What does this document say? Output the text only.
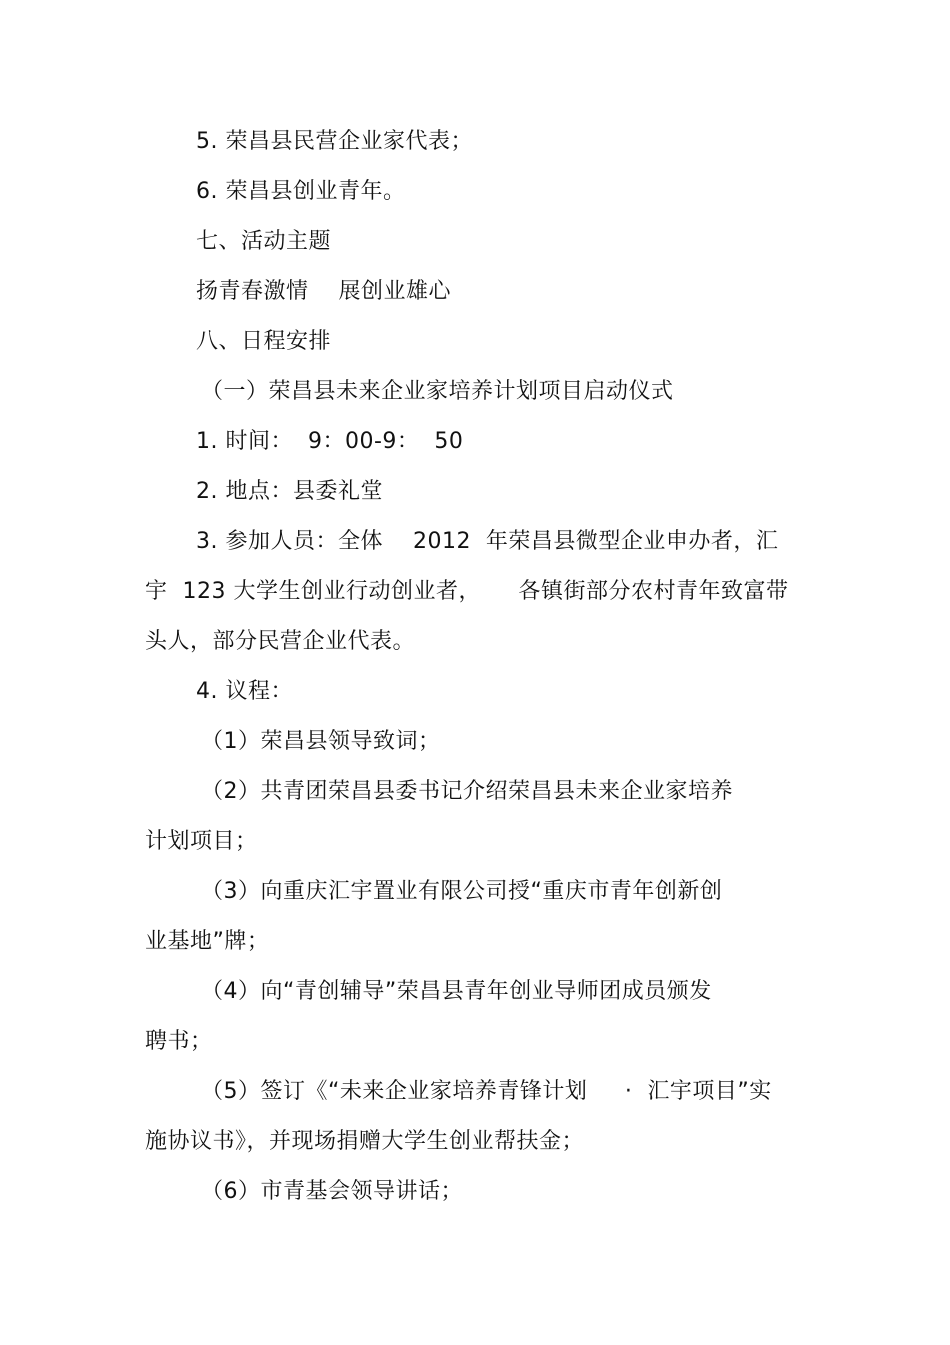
5. 荣昌县民营企业家代表；
6. 荣昌县创业青年。
七、活动主题
扬青春激情    展创业雄心
八、日程安排
（一）荣昌县未来企业家培养计划项目启动仪式
1. 时间：  9：00-9：  50
2. 地点：县委礼堂
3. 参加人员：全体    2012  年荣昌县微型企业申办者，汇
宇  123 大学生创业行动创业者，     各镇街部分农村青年致富带
头人，部分民营企业代表。
4. 议程：
（1）荣昌县领导致词；
（2）共青团荣昌县委书记介绍荣昌县未来企业家培养
计划项目；
（3）向重庆汇宇置业有限公司授“重庆市青年创新创
业基地”牌；
（4）向“青创辅导”荣昌县青年创业导师团成员颁发
聘书；
（5）签订《“未来企业家培养青锋计划     ·  汇宇项目”实
施协议书》，并现场捐赠大学生创业帮扶金；
（6）市青基会领导讲话；
